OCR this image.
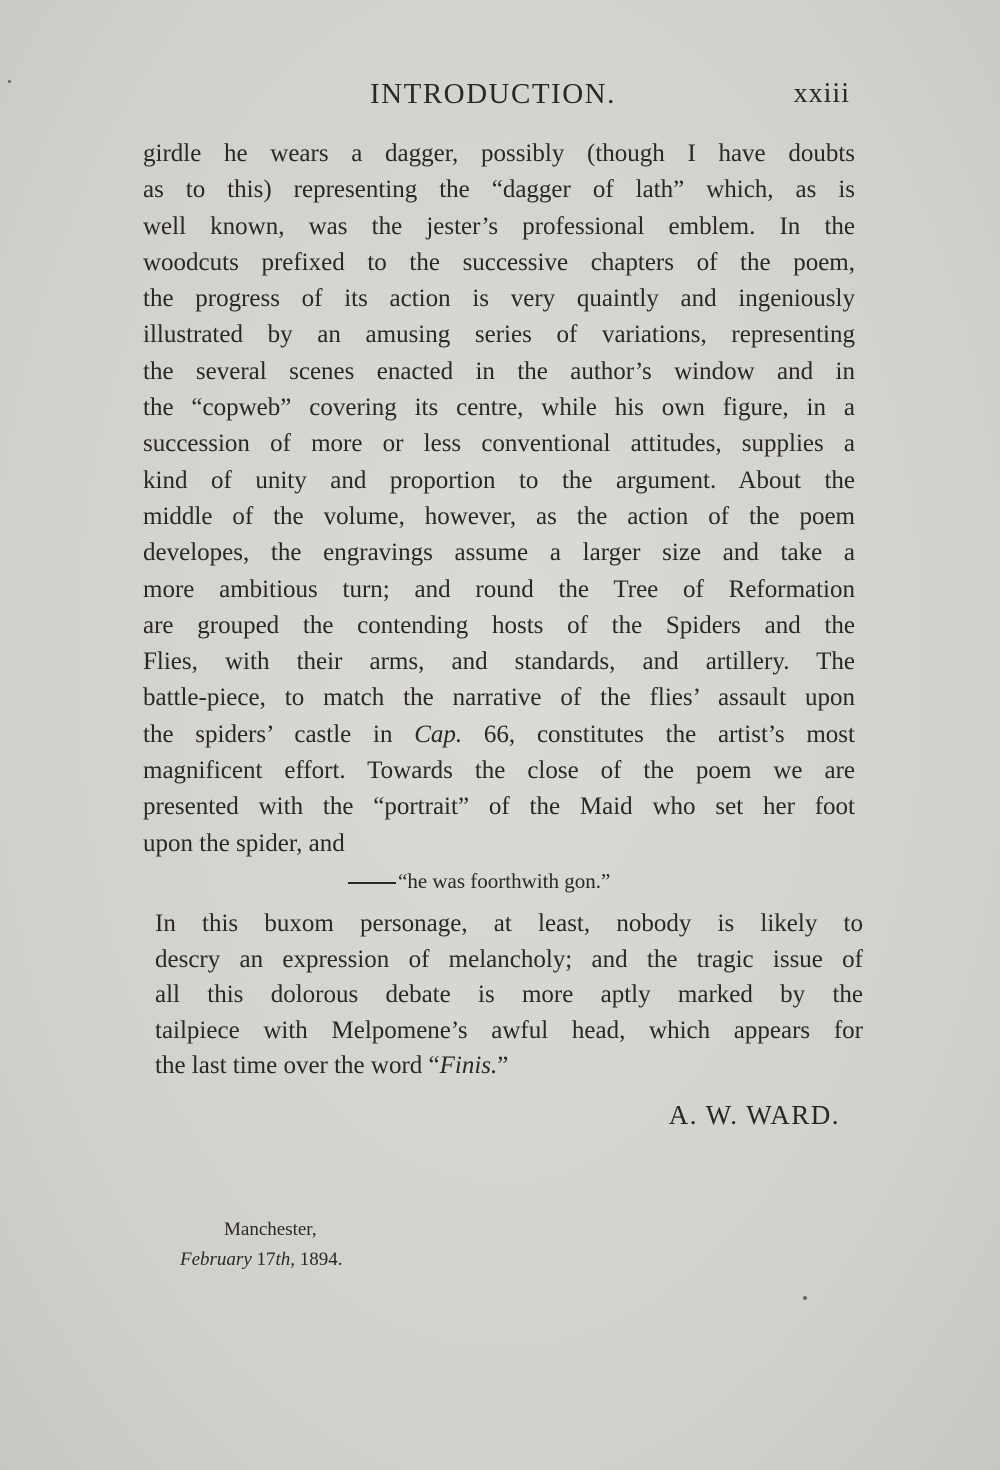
INTRODUCTION.	xxiii
girdle he wears a dagger, possibly (though I have doubts
as to this) representing the “dagger of lath” which, as is
well known, was the jester’s professional emblem. In the
woodcuts prefixed to the successive chapters of the poem,
the progress of its action is very quaintly and ingeniously
illustrated by an amusing series of variations, representing
the several scenes enacted in the author’s window and in
the “copweb” covering its centre, while his own figure, in a
succession of more or less conventional attitudes, supplies a
kind of unity and proportion to the argument. About the
middle of the volume, however, as the action of the poem
developes, the engravings assume a larger size and take a
more ambitious turn; and round the Tree of Reformation
are grouped the contending hosts of the Spiders and the
Flies, with their arms, and standards, and artillery. The
battle-piece, to match the narrative of the flies’ assault upon
the spiders’ castle in Cap. 66, constitutes the artist’s most
magnificent effort. Towards the close of the poem we are
presented with the “portrait” of the Maid who set her foot
upon the spider, and
“he was foorthwith gon.”
In this buxom personage, at least, nobody is likely to
descry an expression of melancholy; and the tragic issue of
all this dolorous debate is more aptly marked by the
tailpiece with Melpomene’s awful head, which appears for
the last time over the word “Finis.”
A. W. WARD.
Manchester,
February 17th, 1894.
